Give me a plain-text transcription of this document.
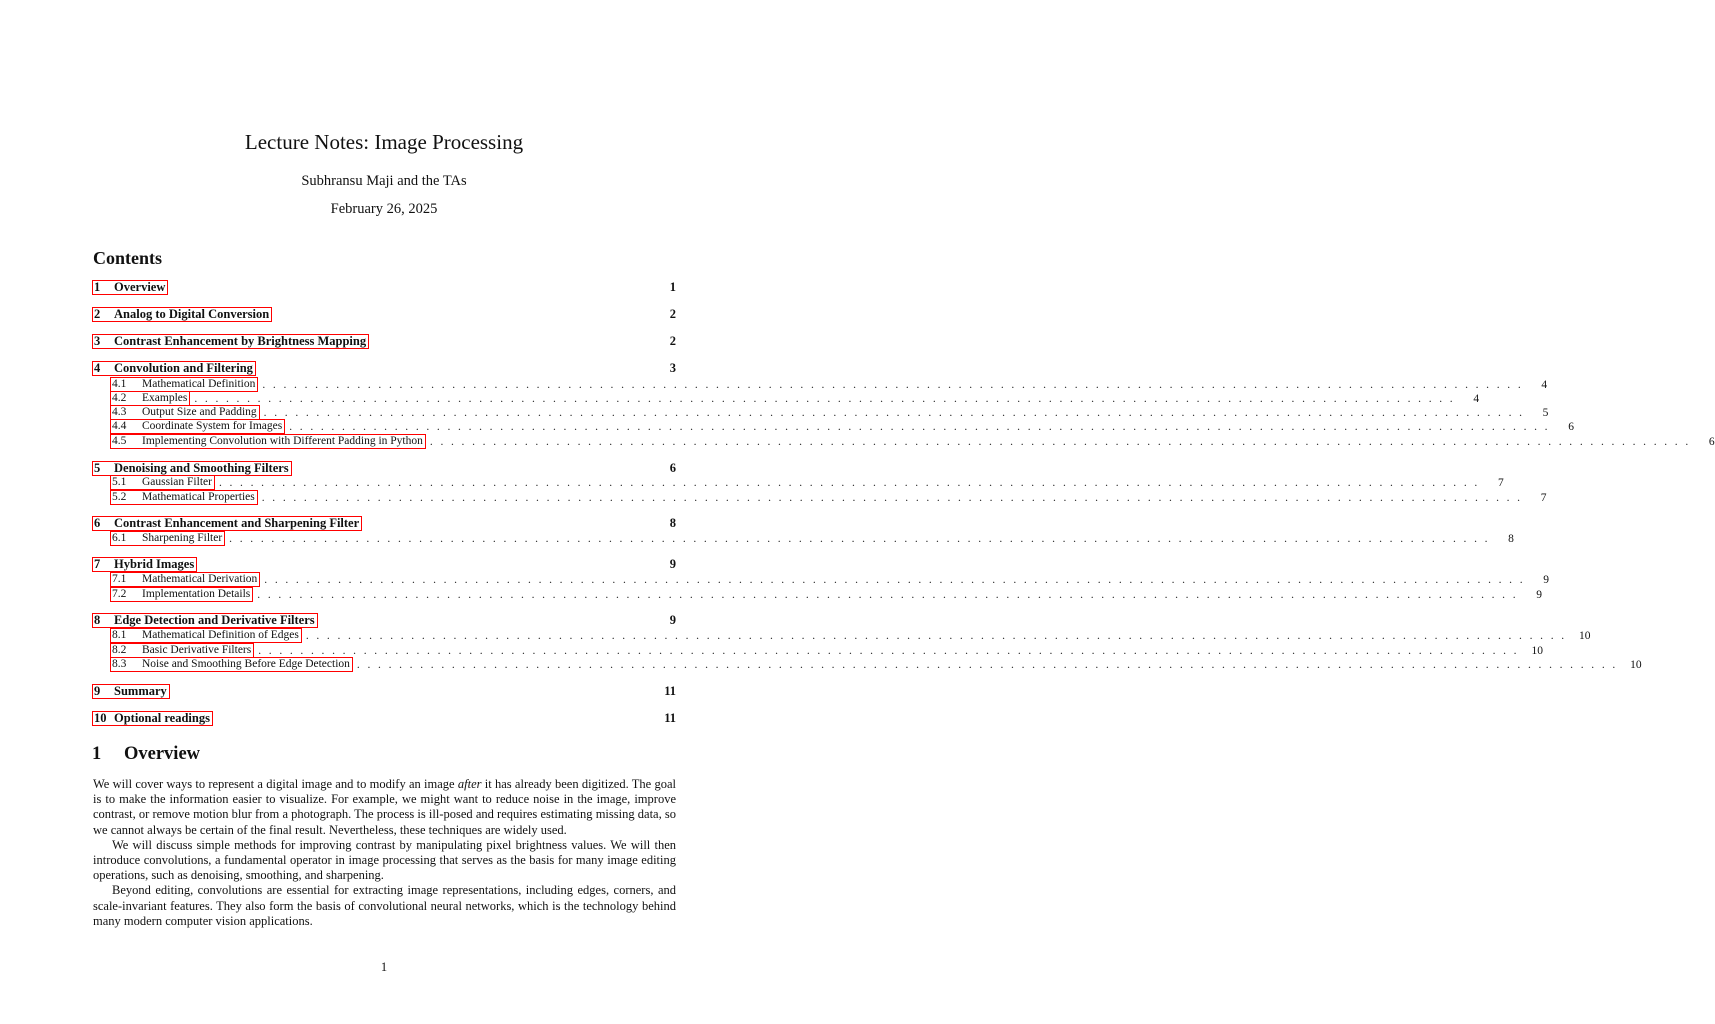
Lecture Notes: Image Processing
Subhransu Maji and the TAs
February 26, 2025
Contents
1	Overview	1
2	Analog to Digital Conversion	2
3	Contrast Enhancement by Brightness Mapping	2
4	Convolution and Filtering	3
4.1	Mathematical Definition . . . . . . . . . . . . . . . . . . . . . . . . . . . . . . . . . . . . . . . . . . . . . . . . . . . . . . . . . . . . . . . . . . . . . . . . . . . . . . . . . . . . . . . . . . . . . . . . . . . . . . . . . . . . . . . . . . . . . . . .	4
4.2	Examples . . . . . . . . . . . . . . . . . . . . . . . . . . . . . . . . . . . . . . . . . . . . . . . . . . . . . . . . . . . . . . . . . . . . . . . . . . . . . . . . . . . . . . . . . . . . . . . . . . . . . . . . . . . . . . . . . . . . . . . .	4
4.3	Output Size and Padding . . . . . . . . . . . . . . . . . . . . . . . . . . . . . . . . . . . . . . . . . . . . . . . . . . . . . . . . . . . . . . . . . . . . . . . . . . . . . . . . . . . . . . . . . . . . . . . . . . . . . . . . . . . . . . . . . . . . . . . .	5
4.4	Coordinate System for Images . . . . . . . . . . . . . . . . . . . . . . . . . . . . . . . . . . . . . . . . . . . . . . . . . . . . . . . . . . . . . . . . . . . . . . . . . . . . . . . . . . . . . . . . . . . . . . . . . . . . . . . . . . . . . . . . . . . . . . . .	6
4.5	Implementing Convolution with Different Padding in Python . . . . . . . . . . . . . . . . . . . . . . . . . . . . . . . . . . . . . . . . . . . . . . . . . . . . . . . . . . . . . . . . . . . . . . . . . . . . . . . . . . . . . . . . . . . . . . . . . . . . . . . . . . . . . . . . . . . . . . . .	6
5	Denoising and Smoothing Filters	6
5.1	Gaussian Filter . . . . . . . . . . . . . . . . . . . . . . . . . . . . . . . . . . . . . . . . . . . . . . . . . . . . . . . . . . . . . . . . . . . . . . . . . . . . . . . . . . . . . . . . . . . . . . . . . . . . . . . . . . . . . . . . . . . . . . . .	7
5.2	Mathematical Properties . . . . . . . . . . . . . . . . . . . . . . . . . . . . . . . . . . . . . . . . . . . . . . . . . . . . . . . . . . . . . . . . . . . . . . . . . . . . . . . . . . . . . . . . . . . . . . . . . . . . . . . . . . . . . . . . . . . . . . . .	7
6	Contrast Enhancement and Sharpening Filter	8
6.1	Sharpening Filter . . . . . . . . . . . . . . . . . . . . . . . . . . . . . . . . . . . . . . . . . . . . . . . . . . . . . . . . . . . . . . . . . . . . . . . . . . . . . . . . . . . . . . . . . . . . . . . . . . . . . . . . . . . . . . . . . . . . . . . .	8
7	Hybrid Images	9
7.1	Mathematical Derivation . . . . . . . . . . . . . . . . . . . . . . . . . . . . . . . . . . . . . . . . . . . . . . . . . . . . . . . . . . . . . . . . . . . . . . . . . . . . . . . . . . . . . . . . . . . . . . . . . . . . . . . . . . . . . . . . . . . . . . . .	9
7.2	Implementation Details . . . . . . . . . . . . . . . . . . . . . . . . . . . . . . . . . . . . . . . . . . . . . . . . . . . . . . . . . . . . . . . . . . . . . . . . . . . . . . . . . . . . . . . . . . . . . . . . . . . . . . . . . . . . . . . . . . . . . . . .	9
8	Edge Detection and Derivative Filters	9
8.1	Mathematical Definition of Edges . . . . . . . . . . . . . . . . . . . . . . . . . . . . . . . . . . . . . . . . . . . . . . . . . . . . . . . . . . . . . . . . . . . . . . . . . . . . . . . . . . . . . . . . . . . . . . . . . . . . . . . . . . . . . . . . . . . . . . . .	10
8.2	Basic Derivative Filters . . . . . . . . . . . . . . . . . . . . . . . . . . . . . . . . . . . . . . . . . . . . . . . . . . . . . . . . . . . . . . . . . . . . . . . . . . . . . . . . . . . . . . . . . . . . . . . . . . . . . . . . . . . . . . . . . . . . . . . .	10
8.3	Noise and Smoothing Before Edge Detection . . . . . . . . . . . . . . . . . . . . . . . . . . . . . . . . . . . . . . . . . . . . . . . . . . . . . . . . . . . . . . . . . . . . . . . . . . . . . . . . . . . . . . . . . . . . . . . . . . . . . . . . . . . . . . . . . . . . . . . .	10
9	Summary	11
10 Optional readings	11
1 Overview

We will cover ways to represent a digital image and to modify an image after it has already been digitized. The goal is to make the information easier to visualize. For example, we might want to reduce noise in the image, improve contrast, or remove motion blur from a photograph. The process is ill-posed and requires estimating missing data, so we cannot always be certain of the final result. Nevertheless, these techniques are widely used.

We will discuss simple methods for improving contrast by manipulating pixel brightness values. We will then introduce convolutions, a fundamental operator in image processing that serves as the basis for many image editing operations, such as denoising, smoothing, and sharpening.

Beyond editing, convolutions are essential for extracting image representations, including edges, corners, and scale-invariant features. They also form the basis of convolutional neural networks, which is the technology behind many modern computer vision applications.

1
